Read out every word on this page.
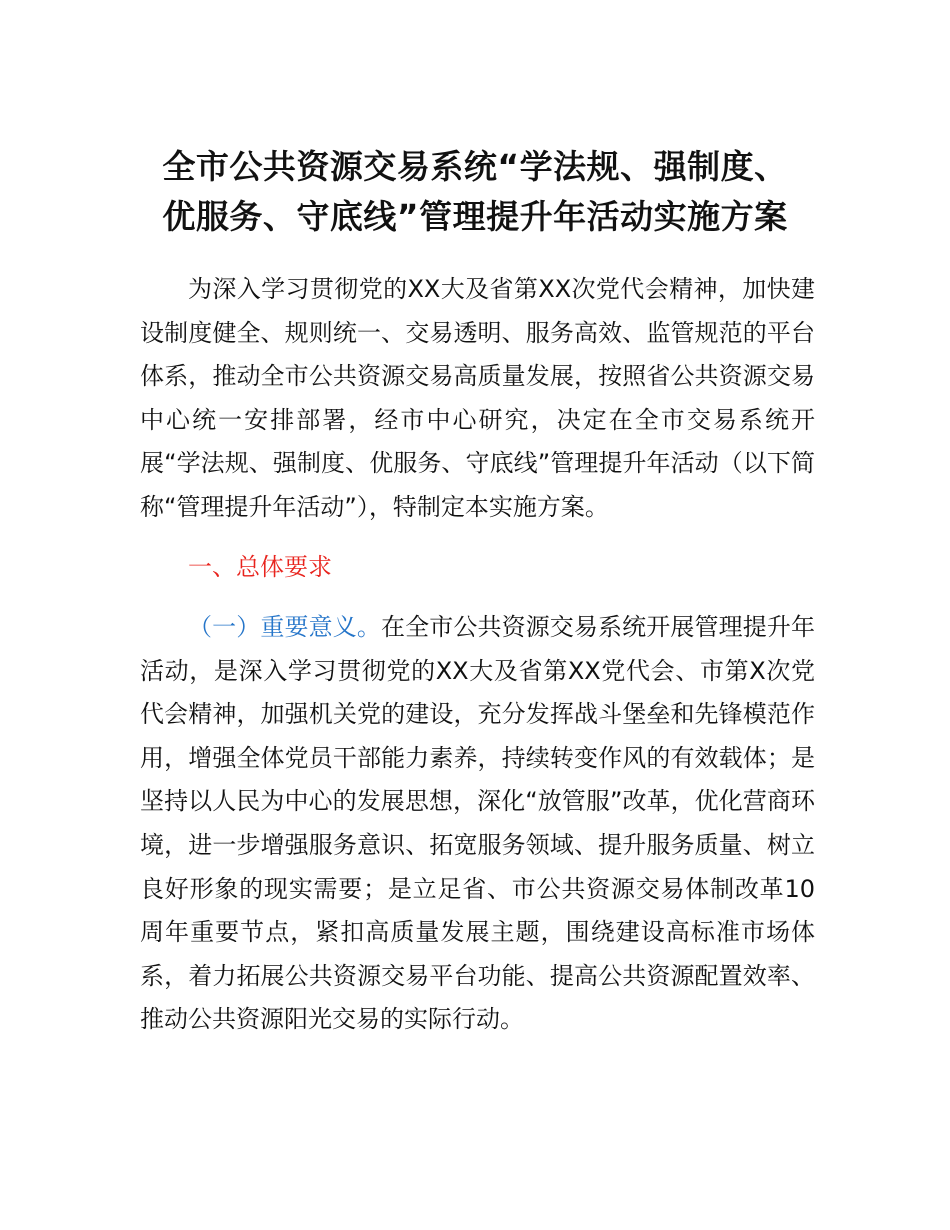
全市公共资源交易系统“学法规、强制度、
优服务、守底线”管理提升年活动实施方案
为深入学习贯彻党的XX大及省第XX次党代会精神，加快建设制度健全、规则统一、交易透明、服务高效、监管规范的平台体系，推动全市公共资源交易高质量发展，按照省公共资源交易中心统一安排部署，经市中心研究，决定在全市交易系统开展“学法规、强制度、优服务、守底线”管理提升年活动（以下简称“管理提升年活动”），特制定本实施方案。
一、总体要求
（一）重要意义。在全市公共资源交易系统开展管理提升年活动，是深入学习贯彻党的XX大及省第XX党代会、市第X次党代会精神，加强机关党的建设，充分发挥战斗堡垒和先锋模范作用，增强全体党员干部能力素养，持续转变作风的有效载体；是坚持以人民为中心的发展思想，深化“放管服”改革，优化营商环境，进一步增强服务意识、拓宽服务领域、提升服务质量、树立良好形象的现实需要；是立足省、市公共资源交易体制改革10周年重要节点，紧扣高质量发展主题，围绕建设高标准市场体系，着力拓展公共资源交易平台功能、提高公共资源配置效率、推动公共资源阳光交易的实际行动。
